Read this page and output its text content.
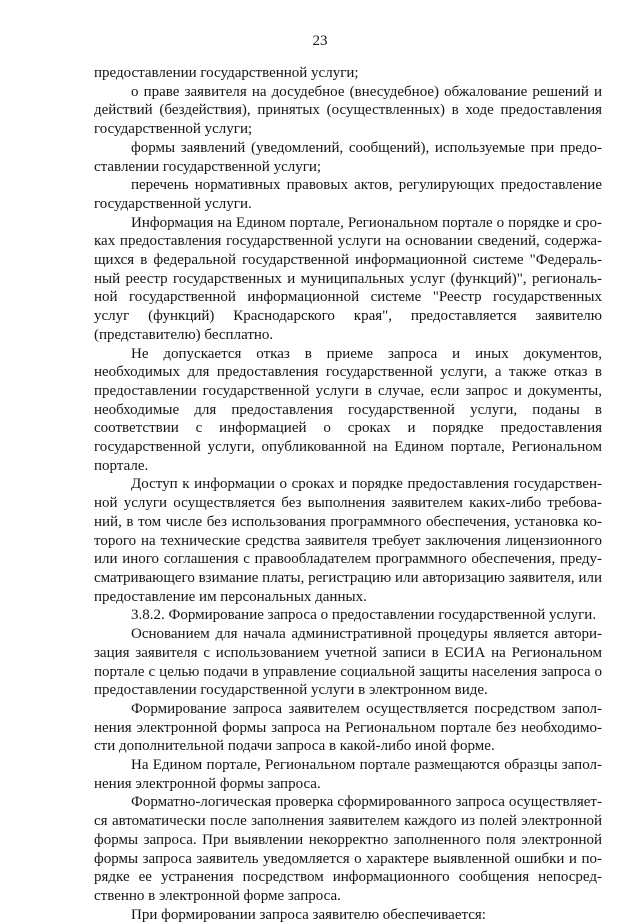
23

предоставлении государственной услуги;

о праве заявителя на досудебное (внесудебное) обжалование решений и действий (бездействия), принятых (осуществленных) в ходе предоставления государственной услуги;

формы заявлений (уведомлений, сообщений), используемые при предоставлении государственной услуги;

перечень нормативных правовых актов, регулирующих предоставление государственной услуги.

Информация на Едином портале, Региональном портале о порядке и сроках предоставления государственной услуги на основании сведений, содержащихся в федеральной государственной информационной системе "Федеральный реестр государственных и муниципальных услуг (функций)", региональной государственной информационной системе "Реестр государственных услуг (функций) Краснодарского края", предоставляется заявителю (представителю) бесплатно.

Не допускается отказ в приеме запроса и иных документов, необходимых для предоставления государственной услуги, а также отказ в предоставлении государственной услуги в случае, если запрос и документы, необходимые для предоставления государственной услуги, поданы в соответствии с информацией о сроках и порядке предоставления государственной услуги, опубликованной на Едином портале, Региональном портале.

Доступ к информации о сроках и порядке предоставления государственной услуги осуществляется без выполнения заявителем каких-либо требований, в том числе без использования программного обеспечения, установка которого на технические средства заявителя требует заключения лицензионного или иного соглашения с правообладателем программного обеспечения, предусматривающего взимание платы, регистрацию или авторизацию заявителя, или предоставление им персональных данных.

3.8.2. Формирование запроса о предоставлении государственной услуги.

Основанием для начала административной процедуры является авторизация заявителя с использованием учетной записи в ЕСИА на Региональном портале с целью подачи в управление социальной защиты населения запроса о предоставлении государственной услуги в электронном виде.

Формирование запроса заявителем осуществляется посредством заполнения электронной формы запроса на Региональном портале без необходимости дополнительной подачи запроса в какой-либо иной форме.

На Едином портале, Региональном портале размещаются образцы заполнения электронной формы запроса.

Форматно-логическая проверка сформированного запроса осуществляется автоматически после заполнения заявителем каждого из полей электронной формы запроса. При выявлении некорректно заполненного поля электронной формы запроса заявитель уведомляется о характере выявленной ошибки и порядке ее устранения посредством информационного сообщения непосредственно в электронной форме запроса.

При формировании запроса заявителю обеспечивается:
